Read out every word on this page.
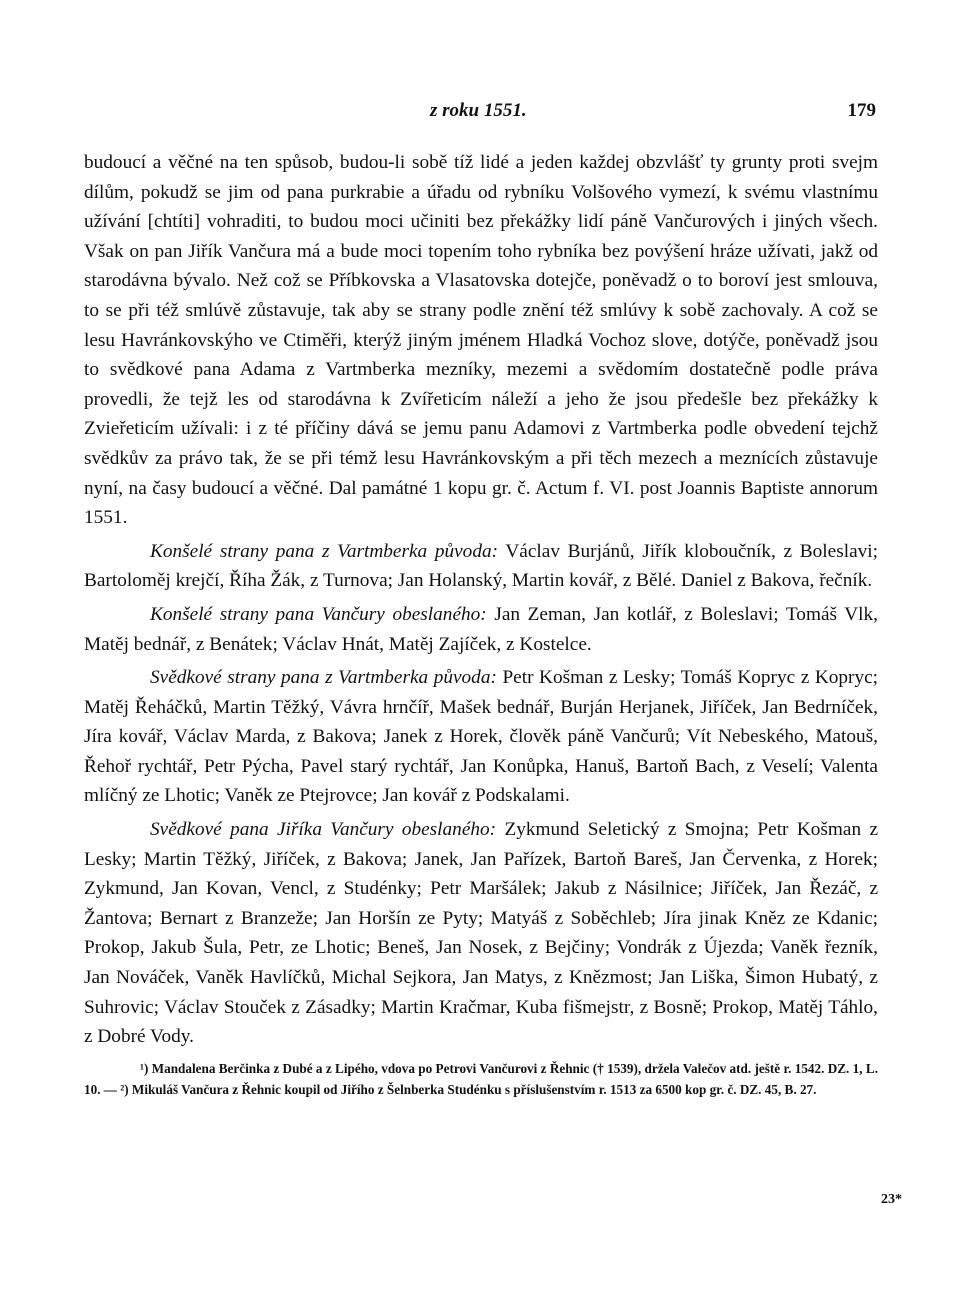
z roku 1551.	179

budoucí a věčné na ten spůsob, budou-li sobě tíž lidé a jeden každej obzvlášť ty grunty proti svejm dílům, pokudž se jim od pana purkrabie a úřadu od rybníku Volšového vymezí, k svému vlastnímu užívání [chtíti] vohraditi, to budou moci učiniti bez překážky lidí páně Vančurových i jiných všech. Však on pan Jiřík Vančura má a bude moci topením toho rybníka bez povýšení hráze užívati, jakž od starodávna bývalo. Než což se Příbkovska a Vlasatovska dotejče, poněvadž o to boroví jest smlouva, to se při též smlúvě zůstavuje, tak aby se strany podle znění též smlúvy k sobě zachovaly. A což se lesu Havránkovskýho ve Ctiměři, kterýž jiným jménem Hladká Vochoz slove, dotýče, poněvadž jsou to svědkové pana Adama z Vartmberka mezníky, mezemi a svědomím dostatečně podle práva provedli, že tejž les od starodávna k Zvířeticím náleží a jeho že jsou předešle bez překážky k Zvieřeticím užívali: i z té příčiny dává se jemu panu Adamovi z Vartmberka podle obvedení tejchž svědkův za právo tak, že se při témž lesu Havránkovským a při těch mezech a meznících zůstavuje nyní, na časy budoucí a věčné. Dal památné 1 kopu gr. č. Actum f. VI. post Joannis Baptiste annorum 1551.

Konšelé strany pana z Vartmberka původa: Václav Burjánů, Jiřík kloboučník, z Boleslavi; Bartoloměj krejčí, Říha Žák, z Turnova; Jan Holanský, Martin kovář, z Bělé. Daniel z Bakova, řečník.

Konšelé strany pana Vančury obeslaného: Jan Zeman, Jan kotlář, z Boleslavi; Tomáš Vlk, Matěj bednář, z Benátek; Václav Hnát, Matěj Zajíček, z Kostelce.

Svědkové strany pana z Vartmberka původa: Petr Košman z Lesky; Tomáš Kopryc z Kopryc; Matěj Řeháčků, Martin Těžký, Vávra hrnčíř, Mašek bednář, Burján Herjanek, Jiříček, Jan Bedrníček, Jíra kovář, Václav Marda, z Bakova; Janek z Horek, člověk páně Vančurů; Vít Nebeského, Matouš, Řehoř rychtář, Petr Pýcha, Pavel starý rychtář, Jan Konůpka, Hanuš, Bartoň Bach, z Veselí; Valenta mlíčný ze Lhotic; Vaněk ze Ptejrovce; Jan kovář z Podskalami.

Svědkové pana Jiříka Vančury obeslaného: Zykmund Seletický z Smojna; Petr Košman z Lesky; Martin Těžký, Jiříček, z Bakova; Janek, Jan Pařízek, Bartoň Bareš, Jan Červenka, z Horek; Zykmund, Jan Kovan, Vencl, z Studénky; Petr Maršálek; Jakub z Násilnice; Jiříček, Jan Řezáč, z Žantova; Bernart z Branzeže; Jan Horšín ze Pyty; Matyáš z Soběchleb; Jíra jinak Kněz ze Kdanic; Prokop, Jakub Šula, Petr, ze Lhotic; Beneš, Jan Nosek, z Bejčiny; Vondrák z Újezda; Vaněk řezník, Jan Nováček, Vaněk Havlíčků, Michal Sejkora, Jan Matys, z Knězmost; Jan Liška, Šimon Hubatý, z Suhrovic; Václav Stouček z Zásadky; Martin Kračmar, Kuba fišmejstr, z Bosně; Prokop, Matěj Táhlo, z Dobré Vody.

¹) Mandalena Berčinka z Dubé a z Lipého, vdova po Petrovi Vančurovi z Řehnic († 1539), držela Valečov atd. ještě r. 1542. DZ. 1, L. 10. — ²) Mikuláš Vančura z Řehnic koupil od Jiřího z Šelnberka Studénku s příslušenstvím r. 1513 za 6500 kop gr. č. DZ. 45, B. 27.

23*
